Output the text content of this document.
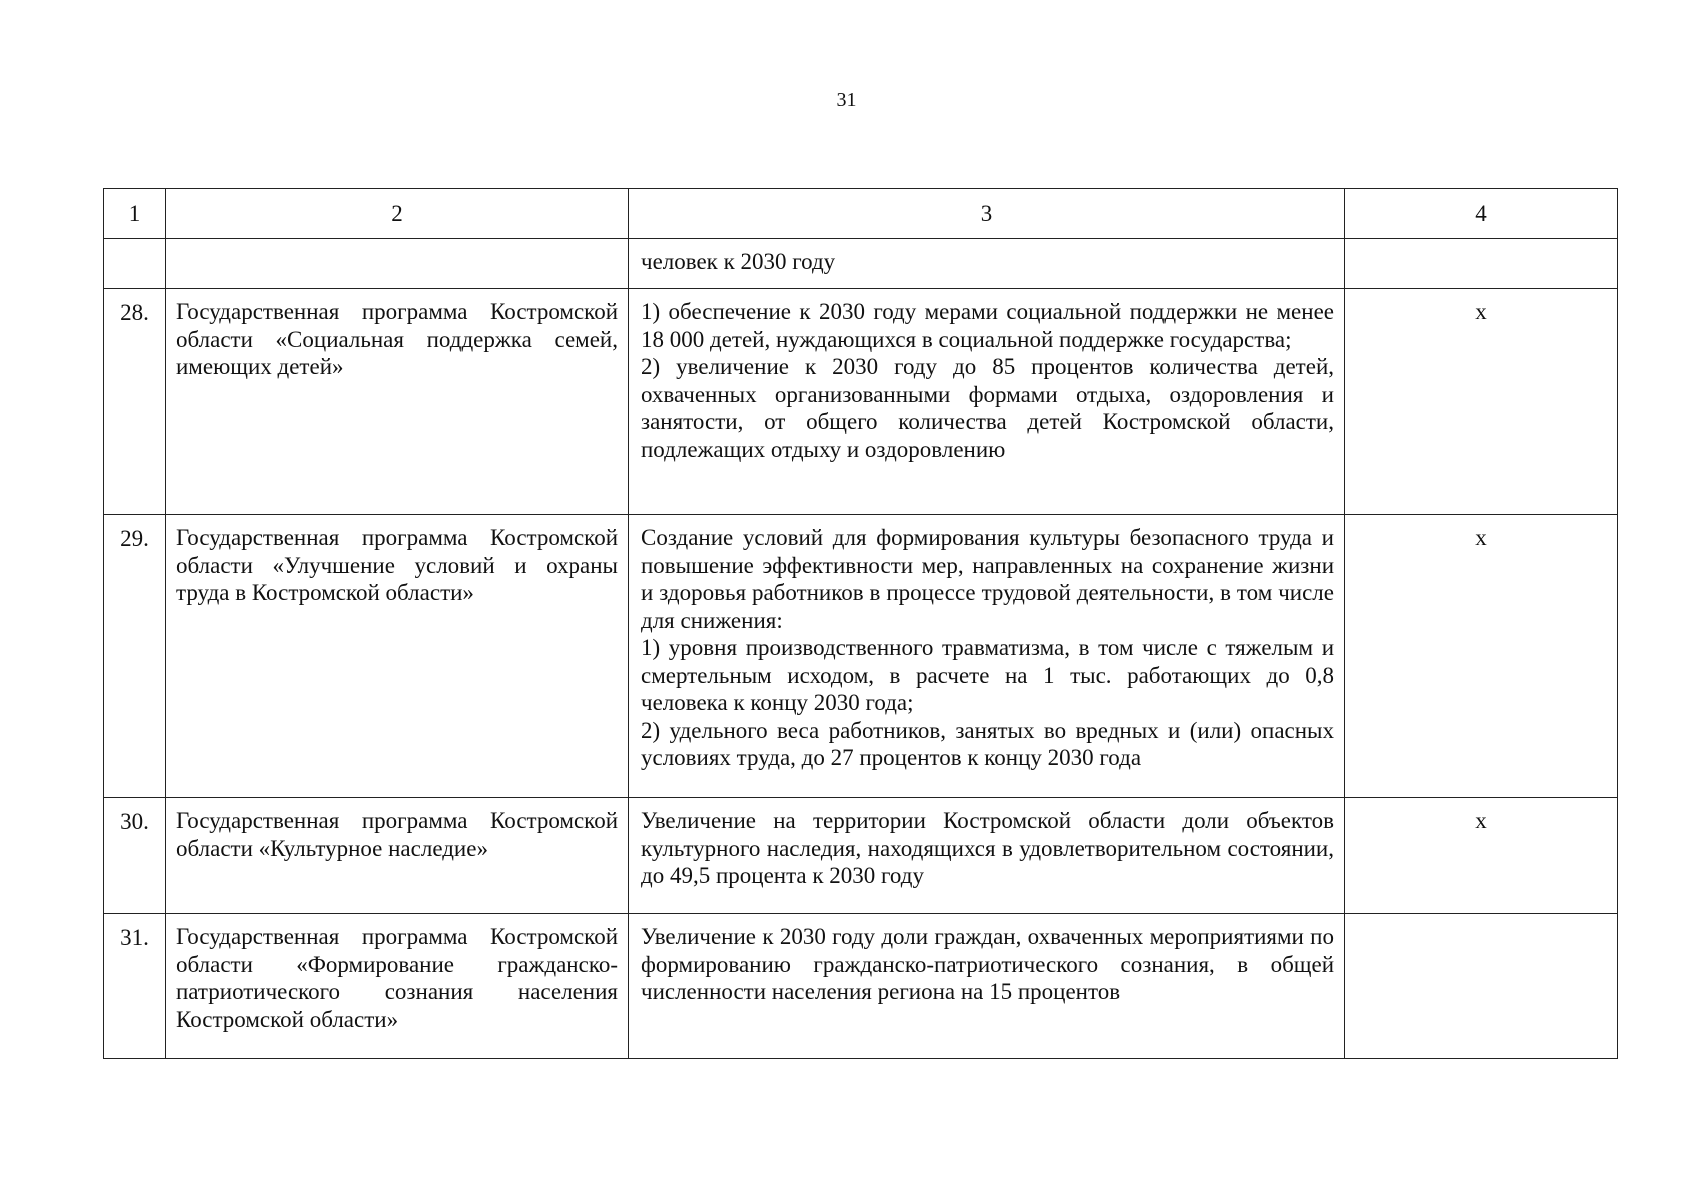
31
1	2	3	4

		человек к 2030 году	

28.	Государственная программа Костромской области «Социальная поддержка семей, имеющих детей»	1) обеспечение к 2030 году мерами социальной поддержки не менее 18 000 детей, нуждающихся в социальной поддержке государства;
2) увеличение к 2030 году до 85 процентов количества детей, охваченных организованными формами отдыха, оздоровления и занятости, от общего количества детей Костромской области, подлежащих отдыху и оздоровлению	x

29.	Государственная программа Костромской области «Улучшение условий и охраны труда в Костромской области»	Создание условий для формирования культуры безопасного труда и повышение эффективности мер, направленных на сохранение жизни и здоровья работников в процессе трудовой деятельности, в том числе для снижения:
1) уровня производственного травматизма, в том числе с тяжелым и смертельным исходом, в расчете на 1 тыс. работающих до 0,8 человека к концу 2030 года;
2) удельного веса работников, занятых во вредных и (или) опасных условиях труда, до 27 процентов к концу 2030 года	x

30.	Государственная программа Костромской области «Культурное наследие»	Увеличение на территории Костромской области доли объектов культурного наследия, находящихся в удовлетворительном состоянии, до 49,5 процента к 2030 году	x

31.	Государственная программа Костромской области «Формирование гражданско-патриотического сознания населения Костромской области»	Увеличение к 2030 году доли граждан, охваченных мероприятиями по формированию гражданско-патриотического сознания, в общей численности населения региона на 15 процентов	
